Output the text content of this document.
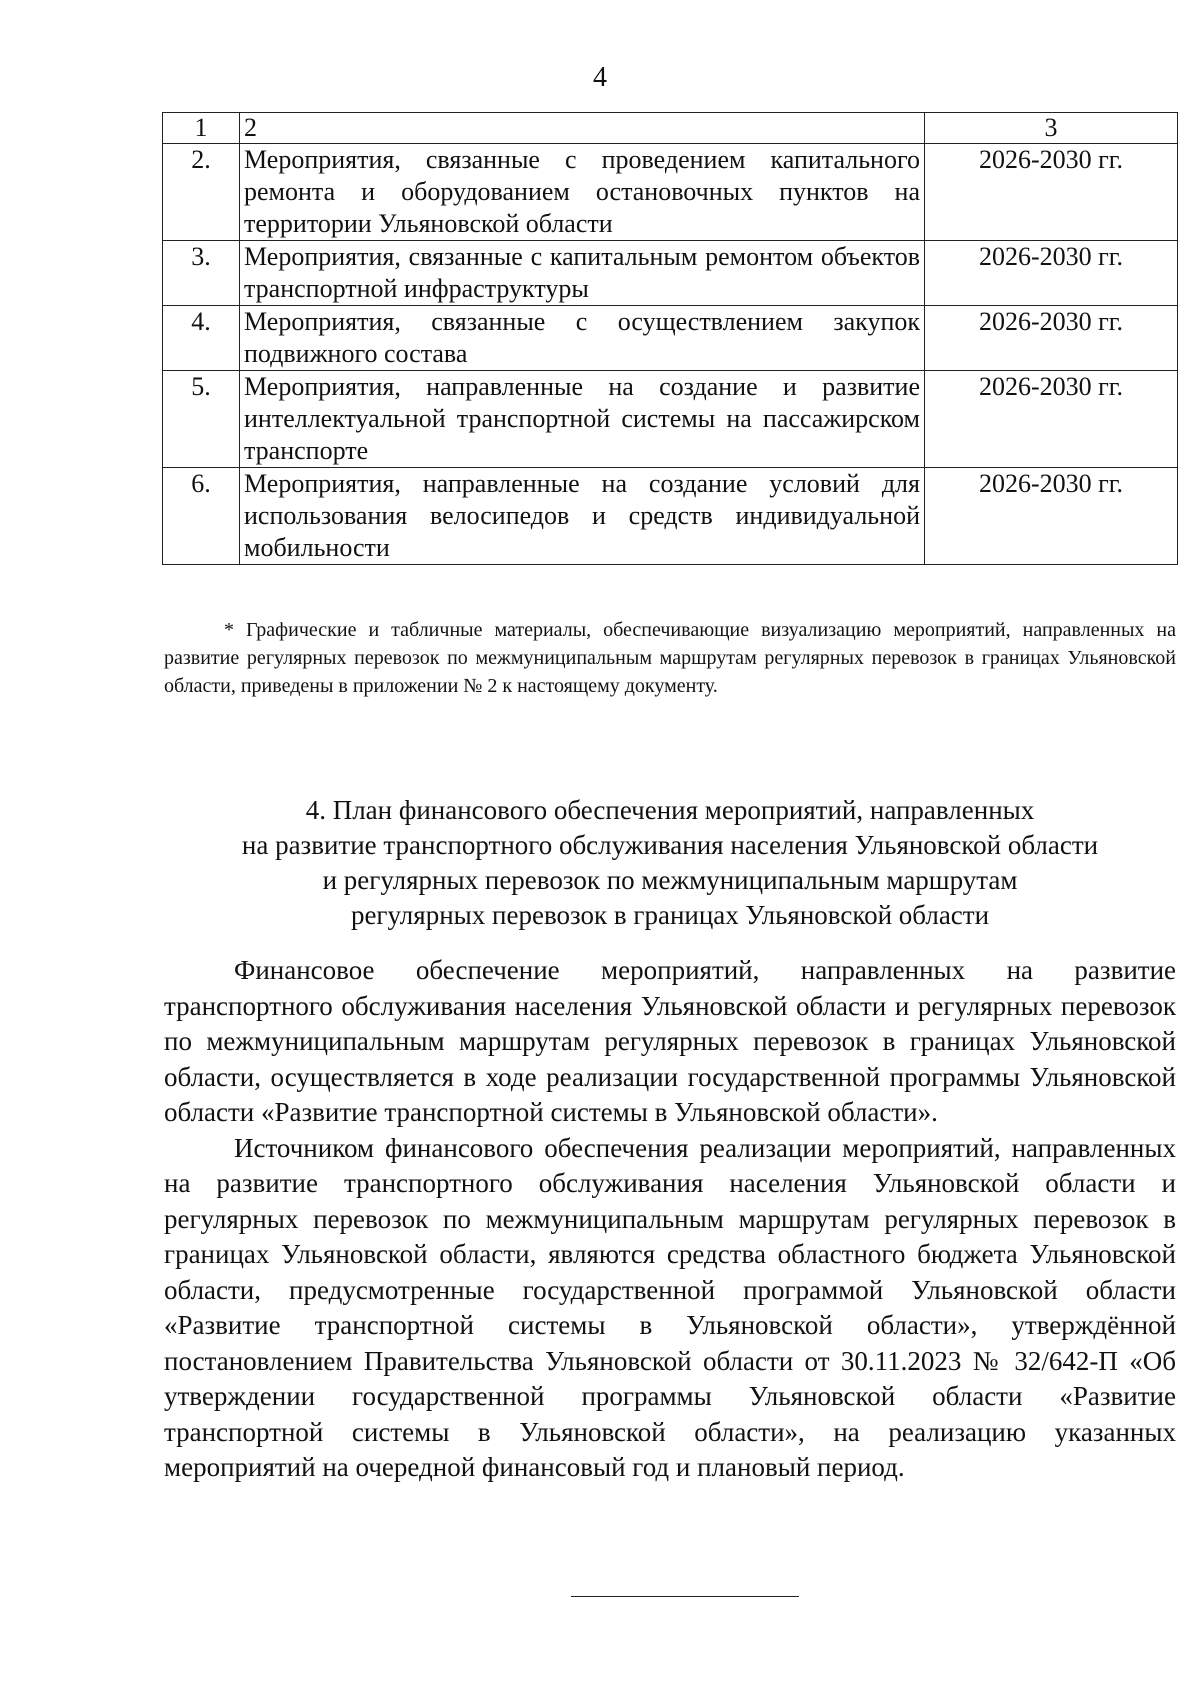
4
1	2	3
2.	Мероприятия, связанные с проведением капитального ремонта и оборудованием остановочных пунктов на территории Ульяновской области	2026-2030 гг.
3.	Мероприятия, связанные с капитальным ремонтом объектов транспортной инфраструктуры	2026-2030 гг.
4.	Мероприятия, связанные с осуществлением закупок подвижного состава	2026-2030 гг.
5.	Мероприятия, направленные на создание и развитие интеллектуальной транспортной системы на пассажирском транспорте	2026-2030 гг.
6.	Мероприятия, направленные на создание условий для использования велосипедов и средств индивидуальной мобильности	2026-2030 гг.
* Графические и табличные материалы, обеспечивающие визуализацию мероприятий, направленных на развитие регулярных перевозок по межмуниципальным маршрутам регулярных перевозок в границах Ульяновской области, приведены в приложении № 2 к настоящему документу.
4. План финансового обеспечения мероприятий, направленных
на развитие транспортного обслуживания населения Ульяновской области
и регулярных перевозок по межмуниципальным маршрутам
регулярных перевозок в границах Ульяновской области

Финансовое обеспечение мероприятий, направленных на развитие транспортного обслуживания населения Ульяновской области и регулярных перевозок по межмуниципальным маршрутам регулярных перевозок в границах Ульяновской области, осуществляется в ходе реализации государственной программы Ульяновской области «Развитие транспортной системы в Ульяновской области».

Источником финансового обеспечения реализации мероприятий, направленных на развитие транспортного обслуживания населения Ульяновской области и регулярных перевозок по межмуниципальным маршрутам регулярных перевозок в границах Ульяновской области, являются средства областного бюджета Ульяновской области, предусмотренные государственной программой Ульяновской области «Развитие транспортной системы в Ульяновской области», утверждённой постановлением Правительства Ульяновской области от 30.11.2023 № 32/642-П «Об утверждении государственной программы Ульяновской области «Развитие транспортной системы в Ульяновской области», на реализацию указанных мероприятий на очередной финансовый год и плановый период.
